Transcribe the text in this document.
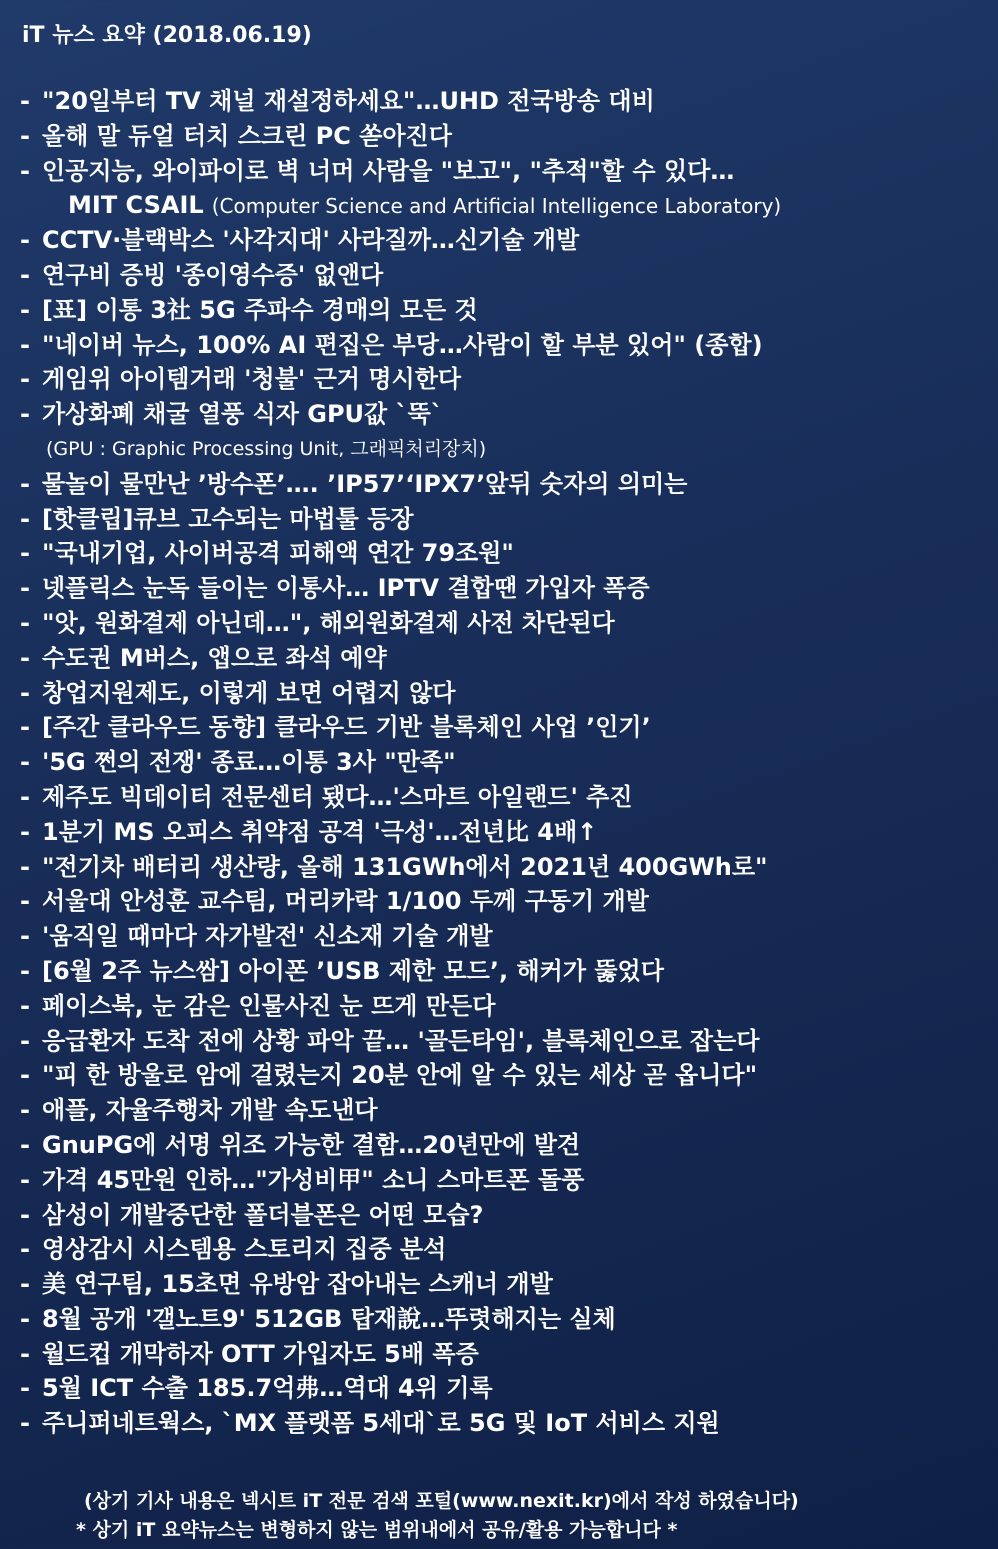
iT 뉴스 요약 (2018.06.19)
- "20일부터 TV 채널 재설정하세요"…UHD 전국방송 대비
- 올해 말 듀얼 터치 스크린 PC 쏟아진다
- 인공지능, 와이파이로 벽 너머 사람을 "보고", "추적"할 수 있다…
MIT CSAIL (Computer Science and Artificial Intelligence Laboratory)
- CCTV·블랙박스 '사각지대' 사라질까…신기술 개발
- 연구비 증빙 '종이영수증' 없앤다
- [표] 이통 3社 5G 주파수 경매의 모든 것
- "네이버 뉴스, 100% AI 편집은 부당…사람이 할 부분 있어" (종합)
- 게임위 아이템거래 '청불' 근거 명시한다
- 가상화폐 채굴 열풍 식자 GPU값 `뚝`
(GPU : Graphic Processing Unit, 그래픽처리장치)
- 물놀이 물만난 ’방수폰’…. ’IP57’‘IPX7’앞뒤 숫자의 의미는
- [핫클립]큐브 고수되는 마법툴 등장
- "국내기업, 사이버공격 피해액 연간 79조원"
- 넷플릭스 눈독 들이는 이통사… IPTV 결합땐 가입자 폭증
- "앗, 원화결제 아닌데…", 해외원화결제 사전 차단된다
- 수도권 M버스, 앱으로 좌석 예약
- 창업지원제도, 이렇게 보면 어렵지 않다
- [주간 클라우드 동향] 클라우드 기반 블록체인 사업 ’인기’
- '5G 쩐의 전쟁' 종료…이통 3사 "만족"
- 제주도 빅데이터 전문센터 됐다…'스마트 아일랜드' 추진
- 1분기 MS 오피스 취약점 공격 '극성'…전년比 4배↑
- "전기차 배터리 생산량, 올해 131GWh에서 2021년 400GWh로"
- 서울대 안성훈 교수팀, 머리카락 1/100 두께 구동기 개발
- '움직일 때마다 자가발전' 신소재 기술 개발
- [6월 2주 뉴스쌈] 아이폰 ’USB 제한 모드’, 해커가 뚫었다
- 페이스북, 눈 감은 인물사진 눈 뜨게 만든다
- 응급환자 도착 전에 상황 파악 끝… '골든타임', 블록체인으로 잡는다
- "피 한 방울로 암에 걸렸는지 20분 안에 알 수 있는 세상 곧 옵니다"
- 애플, 자율주행차 개발 속도낸다
- GnuPG에 서명 위조 가능한 결함…20년만에 발견
- 가격 45만원 인하…"가성비甲" 소니 스마트폰 돌풍
- 삼성이 개발중단한 폴더블폰은 어떤 모습?
- 영상감시 시스템용 스토리지 집중 분석
- 美 연구팀, 15초면 유방암 잡아내는 스캐너 개발
- 8월 공개 '갤노트9' 512GB 탑재說…뚜렷해지는 실체
- 월드컵 개막하자 OTT 가입자도 5배 폭증
- 5월 ICT 수출 185.7억弗…역대 4위 기록
- 주니퍼네트웍스, `MX 플랫폼 5세대`로 5G 및 IoT 서비스 지원
(상기 기사 내용은 넥시트 iT 전문 검색 포털(www.nexit.kr)에서 작성 하였습니다)
* 상기 iT 요약뉴스는 변형하지 않는 범위내에서 공유/활용 가능합니다 *
